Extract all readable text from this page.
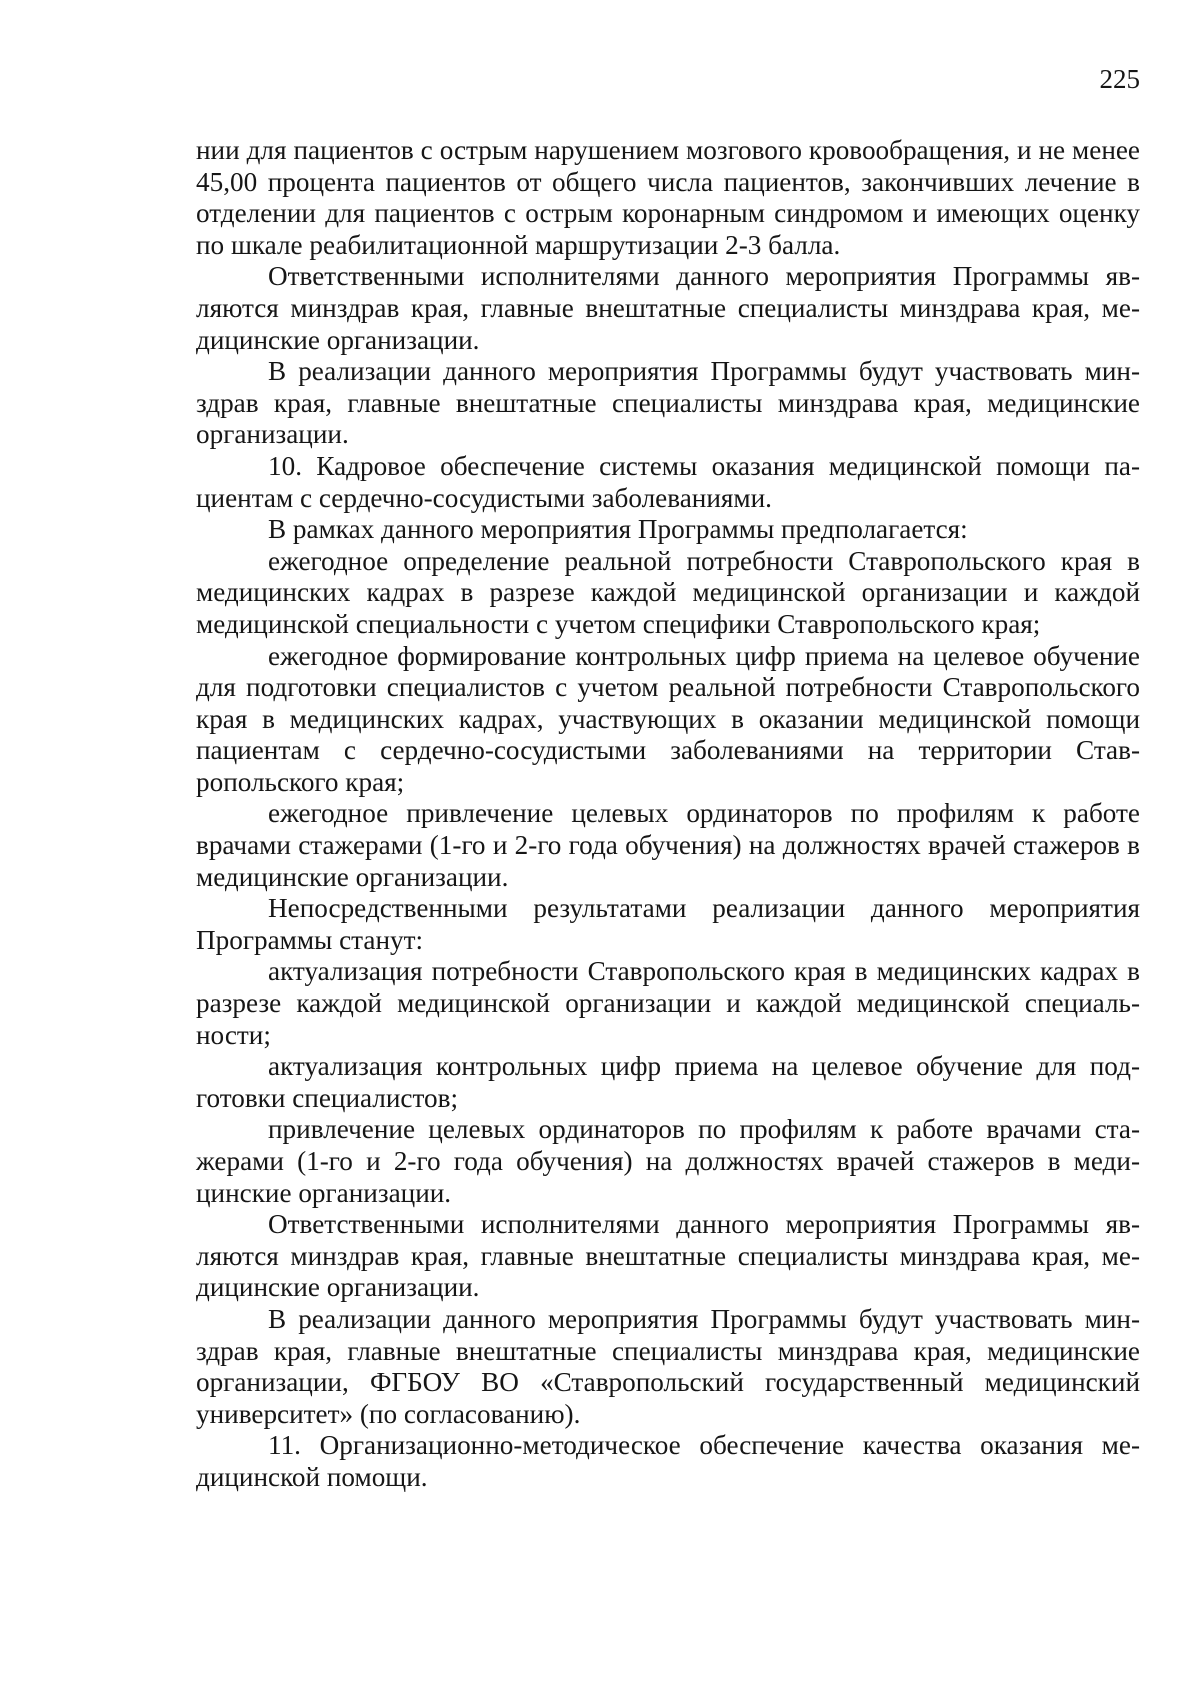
225

нии для пациентов с острым нарушением мозгового кровообращения, и не менее 45,00 процента пациентов от общего числа пациентов, закончивших лечение в отделении для пациентов с острым коронарным синдромом и имеющих оценку по шкале реабилитационной маршрутизации 2-3 балла.

Ответственными исполнителями данного мероприятия Программы являются минздрав края, главные внештатные специалисты минздрава края, медицинские организации.

В реализации данного мероприятия Программы будут участвовать минздрав края, главные внештатные специалисты минздрава края, медицинские организации.

10. Кадровое обеспечение системы оказания медицинской помощи пациентам с сердечно-сосудистыми заболеваниями.

В рамках данного мероприятия Программы предполагается:

ежегодное определение реальной потребности Ставропольского края в медицинских кадрах в разрезе каждой медицинской организации и каждой медицинской специальности с учетом специфики Ставропольского края;

ежегодное формирование контрольных цифр приема на целевое обучение для подготовки специалистов с учетом реальной потребности Ставропольского края в медицинских кадрах, участвующих в оказании медицинской помощи пациентам с сердечно-сосудистыми заболеваниями на территории Ставропольского края;

ежегодное привлечение целевых ординаторов по профилям к работе врачами стажерами (1-го и 2-го года обучения) на должностях врачей стажеров в медицинские организации.

Непосредственными результатами реализации данного мероприятия Программы станут:

актуализация потребности Ставропольского края в медицинских кадрах в разрезе каждой медицинской организации и каждой медицинской специальности;

актуализация контрольных цифр приема на целевое обучение для подготовки специалистов;

привлечение целевых ординаторов по профилям к работе врачами стажерами (1-го и 2-го года обучения) на должностях врачей стажеров в медицинские организации.

Ответственными исполнителями данного мероприятия Программы являются минздрав края, главные внештатные специалисты минздрава края, медицинские организации.

В реализации данного мероприятия Программы будут участвовать минздрав края, главные внештатные специалисты минздрава края, медицинские организации, ФГБОУ ВО «Ставропольский государственный медицинский университет» (по согласованию).

11. Организационно-методическое обеспечение качества оказания медицинской помощи.
